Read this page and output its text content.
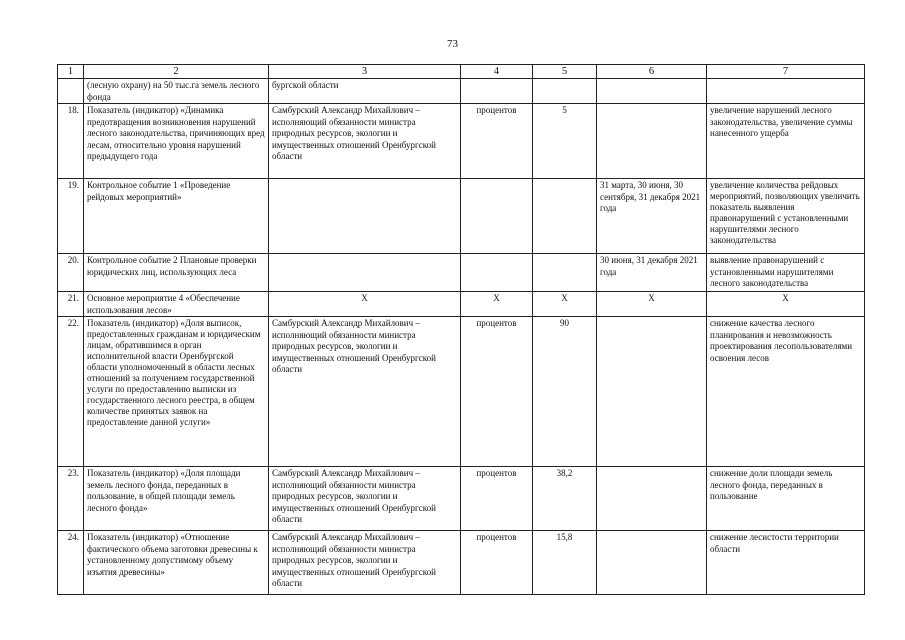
73
1	2	3	4	5	6	7
	(лесную охрану) на 50 тыс.га земель лесного фонда	бургской области				
18.	Показатель (индикатор) «Динамика предотвращения возникновения нарушений лесного законодательства, причиняющих вред лесам, относительно уровня нарушений предыдущего года	Самбурский Александр Михайлович – исполняющий обязанности министра природных ресурсов, экологии и имущественных отношений Оренбургской области	процентов	5		увеличение нарушений лесного законодательства, увеличение суммы нанесенного ущерба
19.	Контрольное событие 1 «Проведение рейдовых мероприятий»				31 марта, 30 июня, 30 сентября, 31 декабря 2021 года	увеличение количества рейдовых мероприятий, позволяющих увеличить показатель выявления правонарушений с установленными нарушителями лесного законодательства
20.	Контрольное событие 2 Плановые проверки юридических лиц, использующих леса				30 июня, 31 декабря 2021 года	выявление правонарушений с установленными нарушителями лесного законодательства
21.	Основное мероприятие 4 «Обеспечение использования лесов»	Х	Х	Х	Х	Х
22.	Показатель (индикатор) «Доля выписок, предоставленных гражданам и юридическим лицам, обратившимся в орган исполнительной власти Оренбургской области уполномоченный в области лесных отношений за получением государственной услуги по предоставлению выписки из государственного лесного реестра, в общем количестве принятых заявок на предоставление данной услуги»	Самбурский Александр Михайлович – исполняющий обязанности министра природных ресурсов, экологии и имущественных отношений Оренбургской области	процентов	90		снижение качества лесного планирования и невозможность проектирования лесопользователями освоения лесов
23.	Показатель (индикатор) «Доля площади земель лесного фонда, переданных в пользование, в общей площади земель лесного фонда»	Самбурский Александр Михайлович – исполняющий обязанности министра природных ресурсов, экологии и имущественных отношений Оренбургской области	процентов	38,2		снижение доли площади земель лесного фонда, переданных в пользование
24.	Показатель (индикатор) «Отношение фактического объема заготовки древесины к установленному допустимому объему изъятия древесины»	Самбурский Александр Михайлович – исполняющий обязанности министра природных ресурсов, экологии и имущественных отношений Оренбургской области	процентов	15,8		снижение лесистости территории области
